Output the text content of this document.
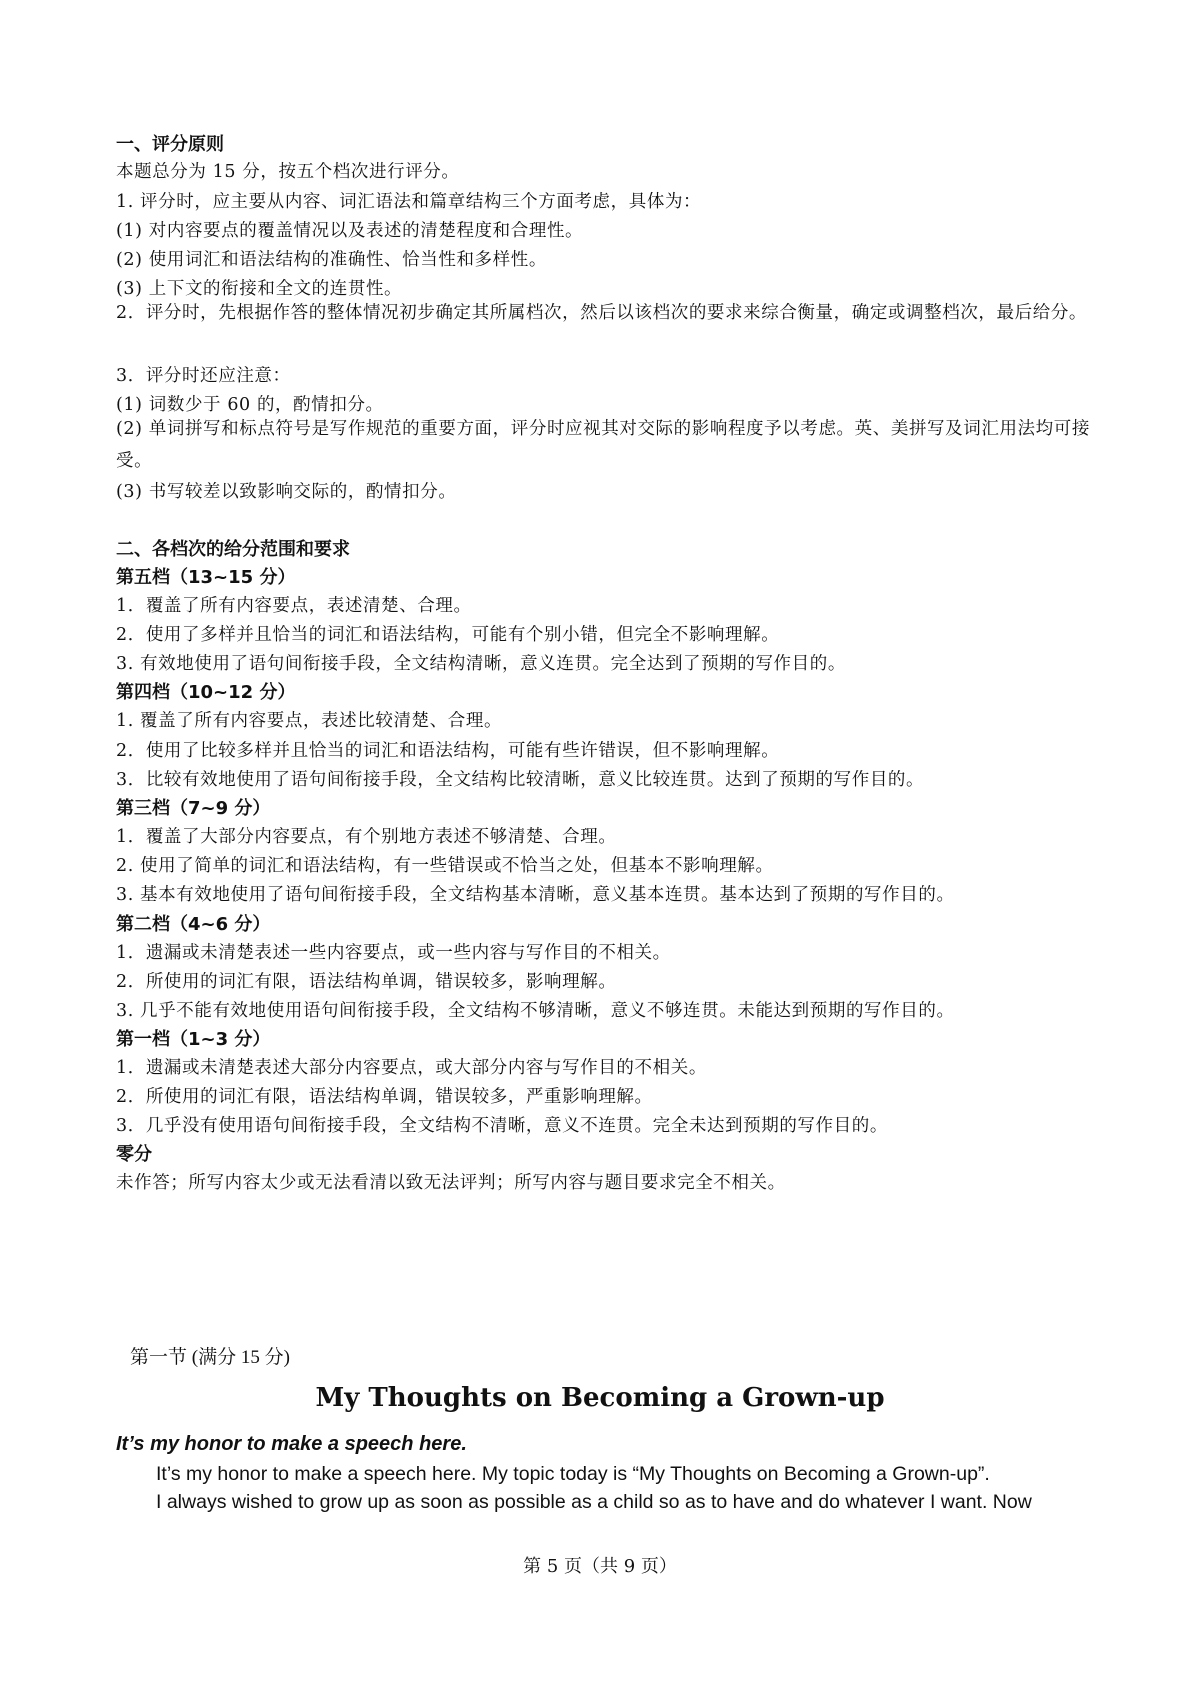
一、评分原则
本题总分为 15 分，按五个档次进行评分。
1. 评分时，应主要从内容、词汇语法和篇章结构三个方面考虑，具体为：
(1) 对内容要点的覆盖情况以及表述的清楚程度和合理性。
(2) 使用词汇和语法结构的准确性、恰当性和多样性。
(3) 上下文的衔接和全文的连贯性。
2．评分时，先根据作答的整体情况初步确定其所属档次，然后以该档次的要求来综合衡量，确定或调整档次，最后给分。
3．评分时还应注意：
(1) 词数少于 60 的，酌情扣分。
(2) 单词拼写和标点符号是写作规范的重要方面，评分时应视其对交际的影响程度予以考虑。英、美拼写及词汇用法均可接受。
(3) 书写较差以致影响交际的，酌情扣分。
二、各档次的给分范围和要求
第五档（13~15 分）
1．覆盖了所有内容要点，表述清楚、合理。
2．使用了多样并且恰当的词汇和语法结构，可能有个别小错，但完全不影响理解。
3. 有效地使用了语句间衔接手段，全文结构清晰，意义连贯。完全达到了预期的写作目的。
第四档（10~12 分）
1. 覆盖了所有内容要点，表述比较清楚、合理。
2．使用了比较多样并且恰当的词汇和语法结构，可能有些许错误，但不影响理解。
3．比较有效地使用了语句间衔接手段，全文结构比较清晰，意义比较连贯。达到了预期的写作目的。
第三档（7~9 分）
1．覆盖了大部分内容要点，有个别地方表述不够清楚、合理。
2. 使用了简单的词汇和语法结构，有一些错误或不恰当之处，但基本不影响理解。
3. 基本有效地使用了语句间衔接手段，全文结构基本清晰，意义基本连贯。基本达到了预期的写作目的。
第二档（4~6 分）
1．遗漏或未清楚表述一些内容要点，或一些内容与写作目的不相关。
2．所使用的词汇有限，语法结构单调，错误较多，影响理解。
3. 几乎不能有效地使用语句间衔接手段，全文结构不够清晰，意义不够连贯。未能达到预期的写作目的。
第一档（1~3 分）
1．遗漏或未清楚表述大部分内容要点，或大部分内容与写作目的不相关。
2．所使用的词汇有限，语法结构单调，错误较多，严重影响理解。
3．几乎没有使用语句间衔接手段，全文结构不清晰，意义不连贯。完全未达到预期的写作目的。
零分
未作答；所写内容太少或无法看清以致无法评判；所写内容与题目要求完全不相关。
第一节 (满分 15 分)
My Thoughts on Becoming a Grown-up
It’s my honor to make a speech here.
It’s my honor to make a speech here. My topic today is “My Thoughts on Becoming a Grown-up”.
I always wished to grow up as soon as possible as a child so as to have and do whatever I want. Now
第 5 页（共 9 页）
